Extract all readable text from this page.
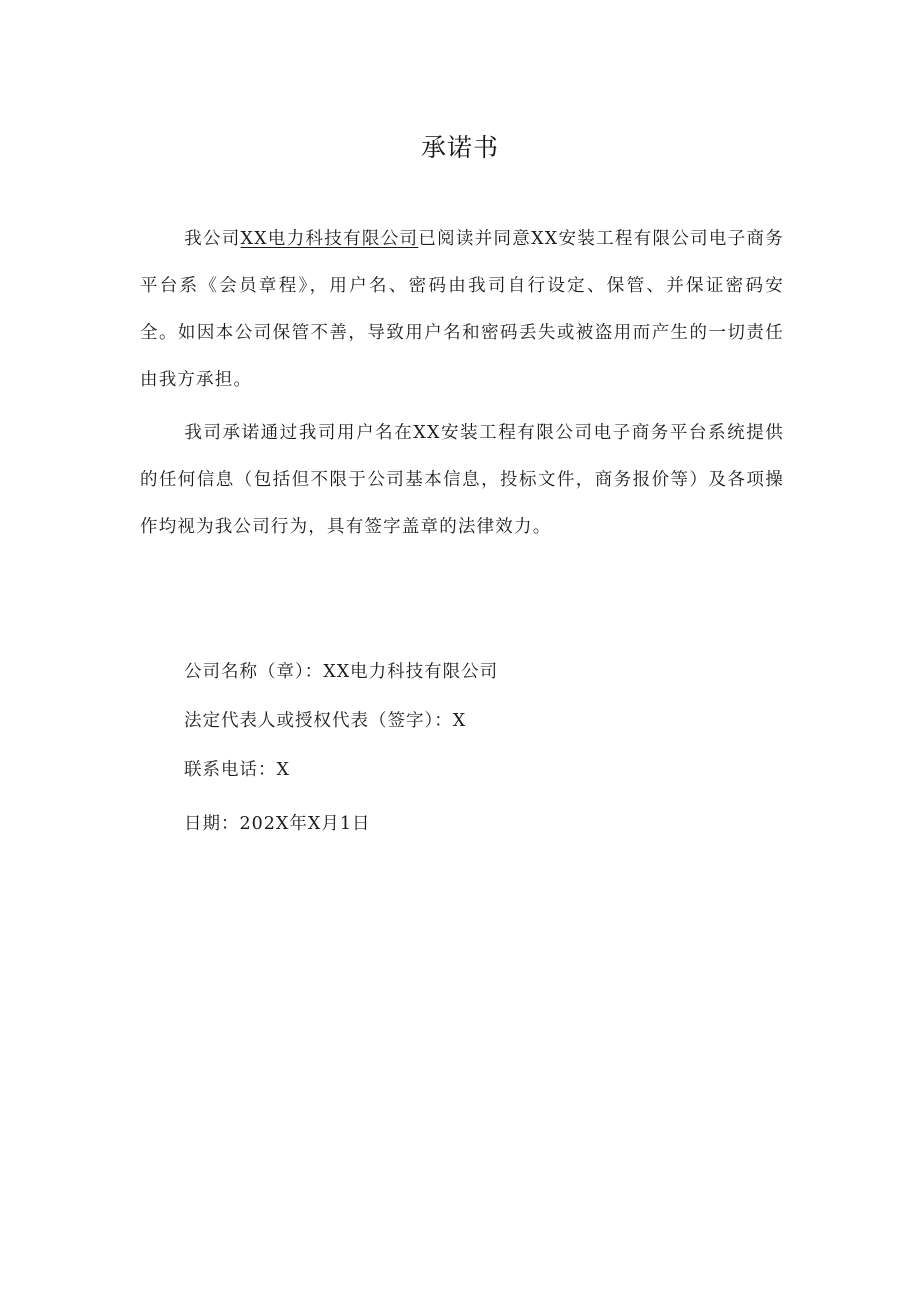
承诺书
我公司XX电力科技有限公司已阅读并同意XX安装工程有限公司电子商务平台系《会员章程》，用户名、密码由我司自行设定、保管、并保证密码安全。如因本公司保管不善，导致用户名和密码丢失或被盗用而产生的一切责任由我方承担。
我司承诺通过我司用户名在XX安装工程有限公司电子商务平台系统提供的任何信息（包括但不限于公司基本信息，投标文件，商务报价等）及各项操作均视为我公司行为，具有签字盖章的法律效力。
公司名称（章）：XX电力科技有限公司
法定代表人或授权代表（签字）：X
联系电话：X
日期：202X年X月1日
